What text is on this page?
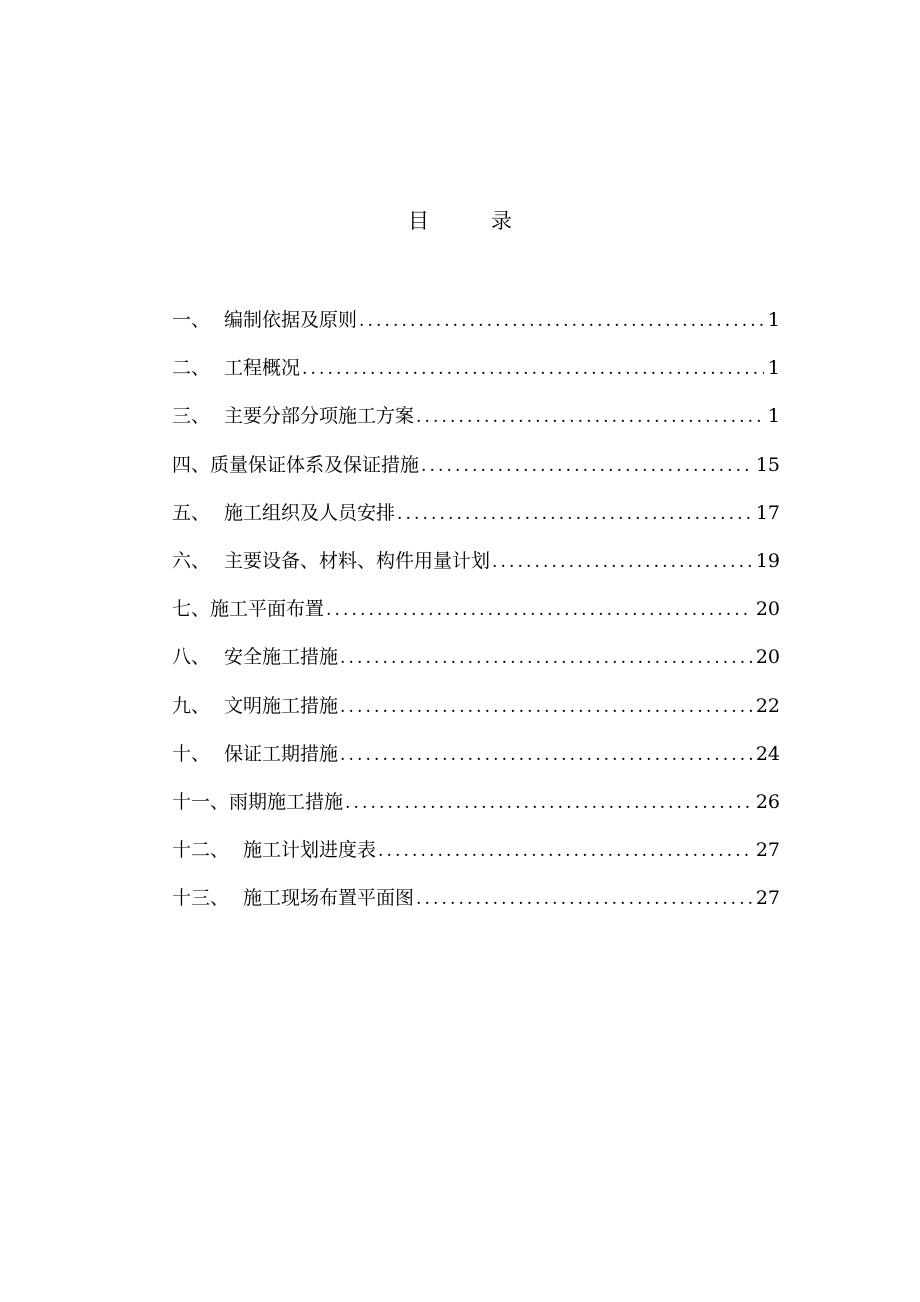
目	录
一、 编制依据及原则 .....	1
二、 工程概况 .....	1
三、 主要分部分项施工方案 .....	1
四、 质量保证体系及保证措施 .....	15
五、 施工组织及人员安排 .....	17
六、 主要设备、材料、构件用量计划 .....	19
七、 施工平面布置 .....	20
八、 安全施工措施 .....	20
九、 文明施工措施 .....	22
十、 保证工期措施 .....	24
十一、 雨期施工措施 .....	26
十二、 施工计划进度表 .....	27
十三、 施工现场布置平面图 .....	27
